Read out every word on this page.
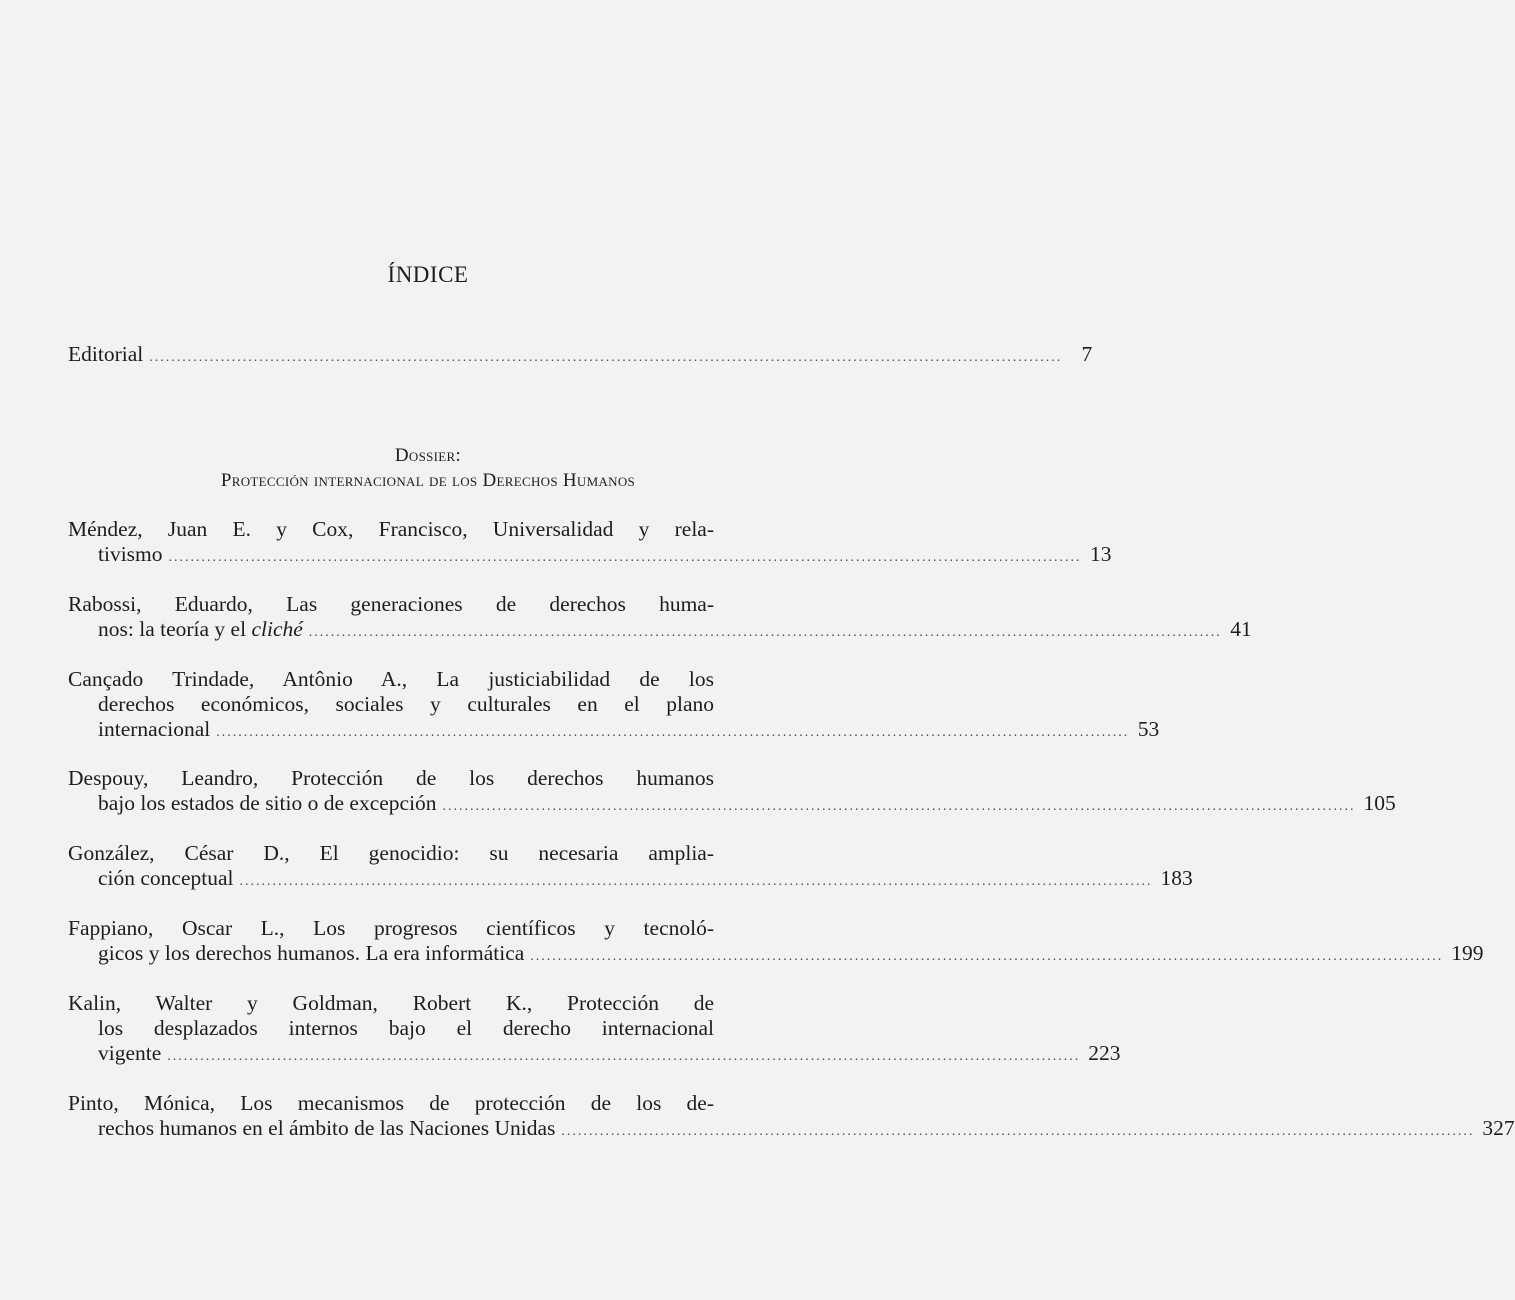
ÍNDICE
Editorial ...................................................................................................................................................................... 7
Dossier:
Protección internacional de los Derechos Humanos
Méndez, Juan E. y Cox, Francisco, Universalidad y rela-
tivismo ...................................................................................................................................................................... 13
Rabossi, Eduardo, Las generaciones de derechos huma-
nos: la teoría y el cliché ...................................................................................................................................................................... 41
Cançado Trindade, Antônio A., La justiciabilidad de los
derechos económicos, sociales y culturales en el plano
internacional ...................................................................................................................................................................... 53
Despouy, Leandro, Protección de los derechos humanos
bajo los estados de sitio o de excepción ...................................................................................................................................................................... 105
González, César D., El genocidio: su necesaria amplia-
ción conceptual ...................................................................................................................................................................... 183
Fappiano, Oscar L., Los progresos científicos y tecnoló-
gicos y los derechos humanos. La era informática ...................................................................................................................................................................... 199
Kalin, Walter y Goldman, Robert K., Protección de
los desplazados internos bajo el derecho internacional
vigente ...................................................................................................................................................................... 223
Pinto, Mónica, Los mecanismos de protección de los de-
rechos humanos en el ámbito de las Naciones Unidas ...................................................................................................................................................................... 327
